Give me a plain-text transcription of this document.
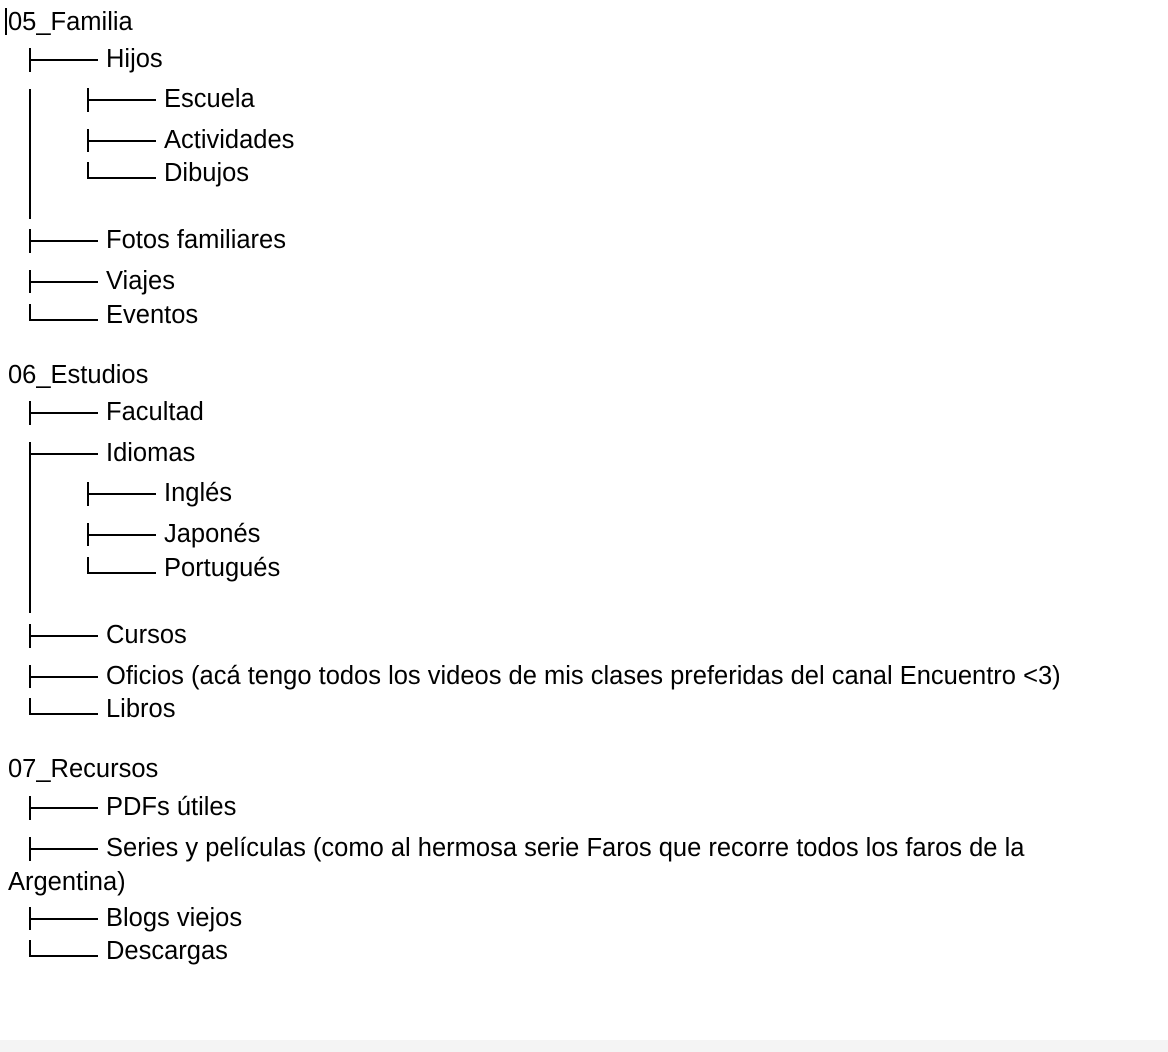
05_Familia
Hijos
Escuela
Actividades
Dibujos
Fotos familiares
Viajes
Eventos
06_Estudios
Facultad
Idiomas
Inglés
Japonés
Portugués
Cursos
Oficios (acá tengo todos los videos de mis clases preferidas del canal Encuentro <3)
Libros
07_Recursos
PDFs útiles
Series y películas (como al hermosa serie Faros que recorre todos los faros de la
Argentina)
Blogs viejos
Descargas
